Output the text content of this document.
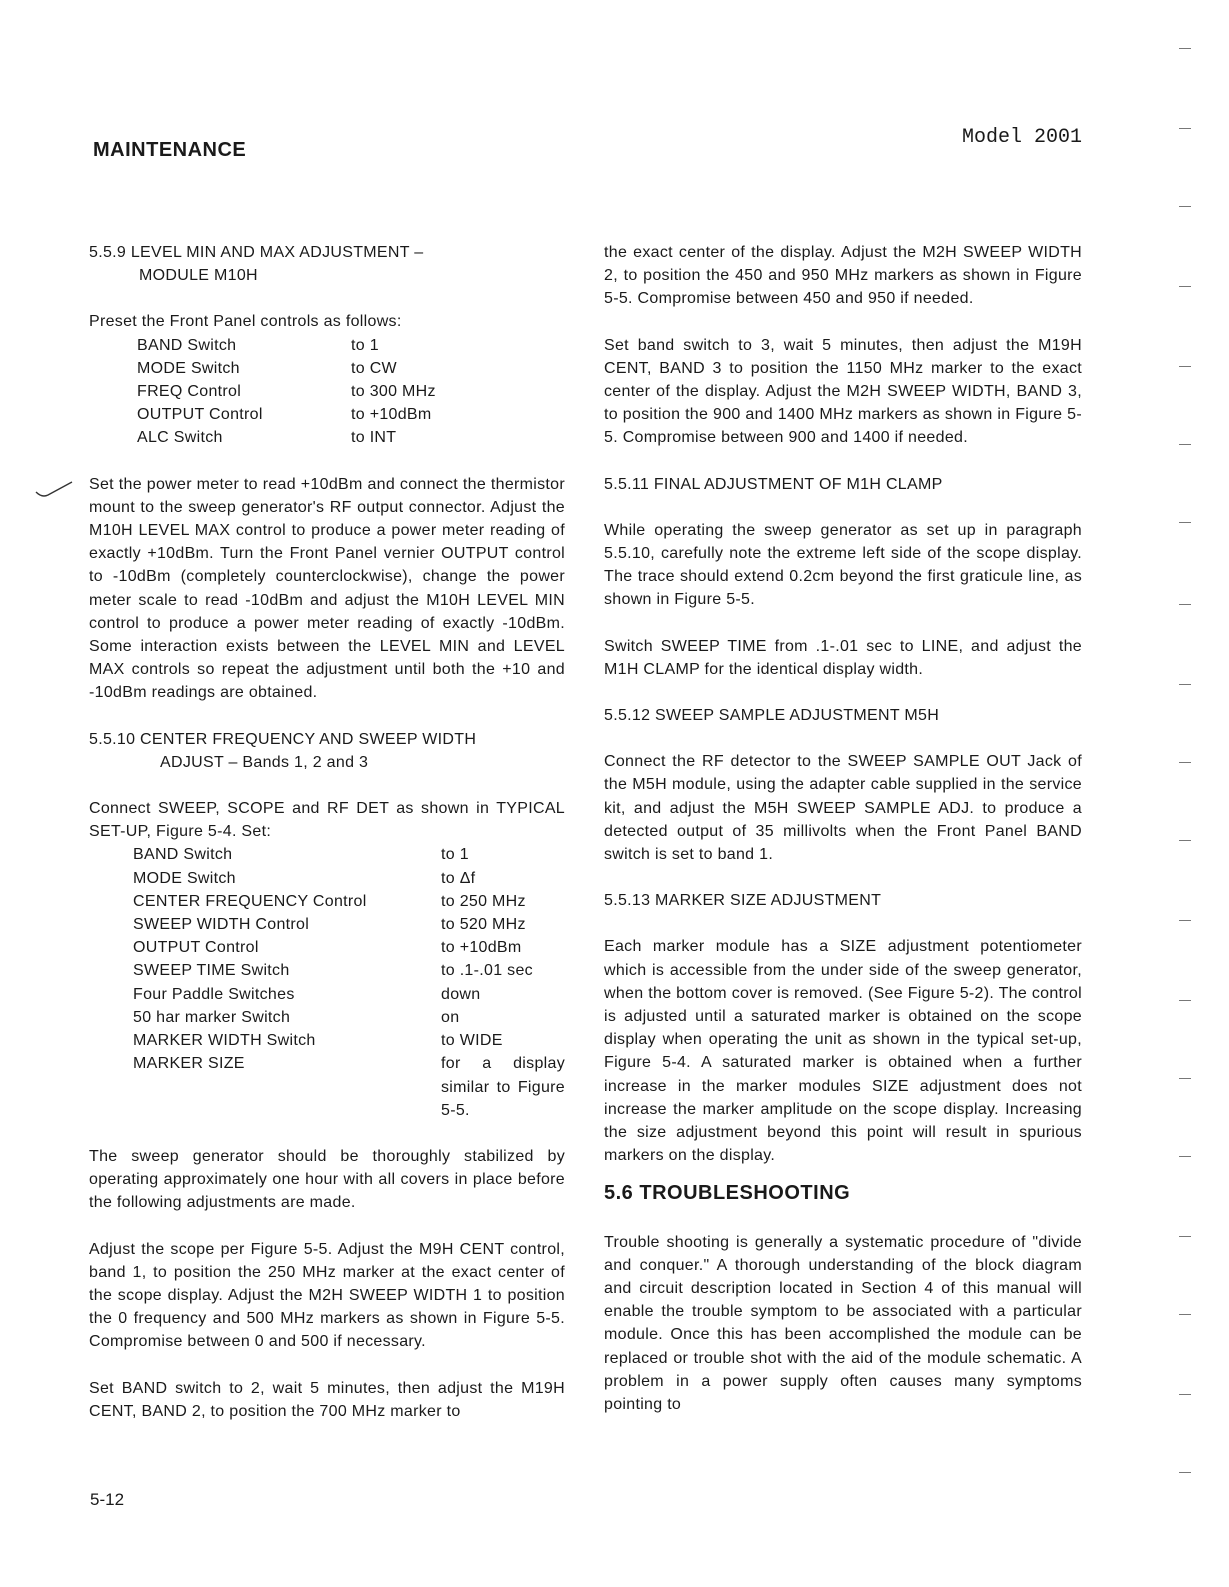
MAINTENANCE
Model 2001
5.5.9 LEVEL MIN AND MAX ADJUSTMENT –
MODULE M10H

Preset the Front Panel controls as follows:

BAND Switch	to 1
MODE Switch	to CW
FREQ Control	to 300 MHz
OUTPUT Control	to +10dBm
ALC Switch	to INT

Set the power meter to read +10dBm and connect the thermistor mount to the sweep generator's RF output connector. Adjust the M10H LEVEL MAX control to produce a power meter reading of exactly +10dBm. Turn the Front Panel vernier OUTPUT control to -10dBm (completely counterclockwise), change the power meter scale to read -10dBm and adjust the M10H LEVEL MIN control to produce a power meter reading of exactly -10dBm. Some interaction exists between the LEVEL MIN and LEVEL MAX controls so repeat the adjustment until both the +10 and -10dBm readings are obtained.

5.5.10 CENTER FREQUENCY AND SWEEP WIDTH
ADJUST – Bands 1, 2 and 3

Connect SWEEP, SCOPE and RF DET as shown in TYPICAL SET-UP, Figure 5-4. Set:

BAND Switch	to 1
MODE Switch	to Δf
CENTER FREQUENCY Control	to 250 MHz
SWEEP WIDTH Control	to 520 MHz
OUTPUT Control	to +10dBm
SWEEP TIME Switch	to .1-.01 sec
Four Paddle Switches	down
50 har marker Switch	on
MARKER WIDTH Switch	to WIDE
MARKER SIZE	for a display similar to Figure 5-5.

The sweep generator should be thoroughly stabilized by operating approximately one hour with all covers in place before the following adjustments are made.

Adjust the scope per Figure 5-5. Adjust the M9H CENT control, band 1, to position the 250 MHz marker at the exact center of the scope display. Adjust the M2H SWEEP WIDTH 1 to position the 0 frequency and 500 MHz markers as shown in Figure 5-5. Compromise between 0 and 500 if necessary.

Set BAND switch to 2, wait 5 minutes, then adjust the M19H CENT, BAND 2, to position the 700 MHz marker to

the exact center of the display. Adjust the M2H SWEEP WIDTH 2, to position the 450 and 950 MHz markers as shown in Figure 5-5. Compromise between 450 and 950 if needed.

Set band switch to 3, wait 5 minutes, then adjust the M19H CENT, BAND 3 to position the 1150 MHz marker to the exact center of the display. Adjust the M2H SWEEP WIDTH, BAND 3, to position the 900 and 1400 MHz markers as shown in Figure 5-5. Compromise between 900 and 1400 if needed.

5.5.11 FINAL ADJUSTMENT OF M1H CLAMP

While operating the sweep generator as set up in paragraph 5.5.10, carefully note the extreme left side of the scope display. The trace should extend 0.2cm beyond the first graticule line, as shown in Figure 5-5.

Switch SWEEP TIME from .1-.01 sec to LINE, and adjust the M1H CLAMP for the identical display width.

5.5.12 SWEEP SAMPLE ADJUSTMENT M5H

Connect the RF detector to the SWEEP SAMPLE OUT Jack of the M5H module, using the adapter cable supplied in the service kit, and adjust the M5H SWEEP SAMPLE ADJ. to produce a detected output of 35 millivolts when the Front Panel BAND switch is set to band 1.

5.5.13 MARKER SIZE ADJUSTMENT

Each marker module has a SIZE adjustment potentiometer which is accessible from the under side of the sweep generator, when the bottom cover is removed. (See Figure 5-2). The control is adjusted until a saturated marker is obtained on the scope display when operating the unit as shown in the typical set-up, Figure 5-4. A saturated marker is obtained when a further increase in the marker modules SIZE adjustment does not increase the marker amplitude on the scope display. Increasing the size adjustment beyond this point will result in spurious markers on the display.

5.6 TROUBLESHOOTING

Trouble shooting is generally a systematic procedure of "divide and conquer." A thorough understanding of the block diagram and circuit description located in Section 4 of this manual will enable the trouble symptom to be associated with a particular module. Once this has been accomplished the module can be replaced or trouble shot with the aid of the module schematic. A problem in a power supply often causes many symptoms pointing to

5-12
